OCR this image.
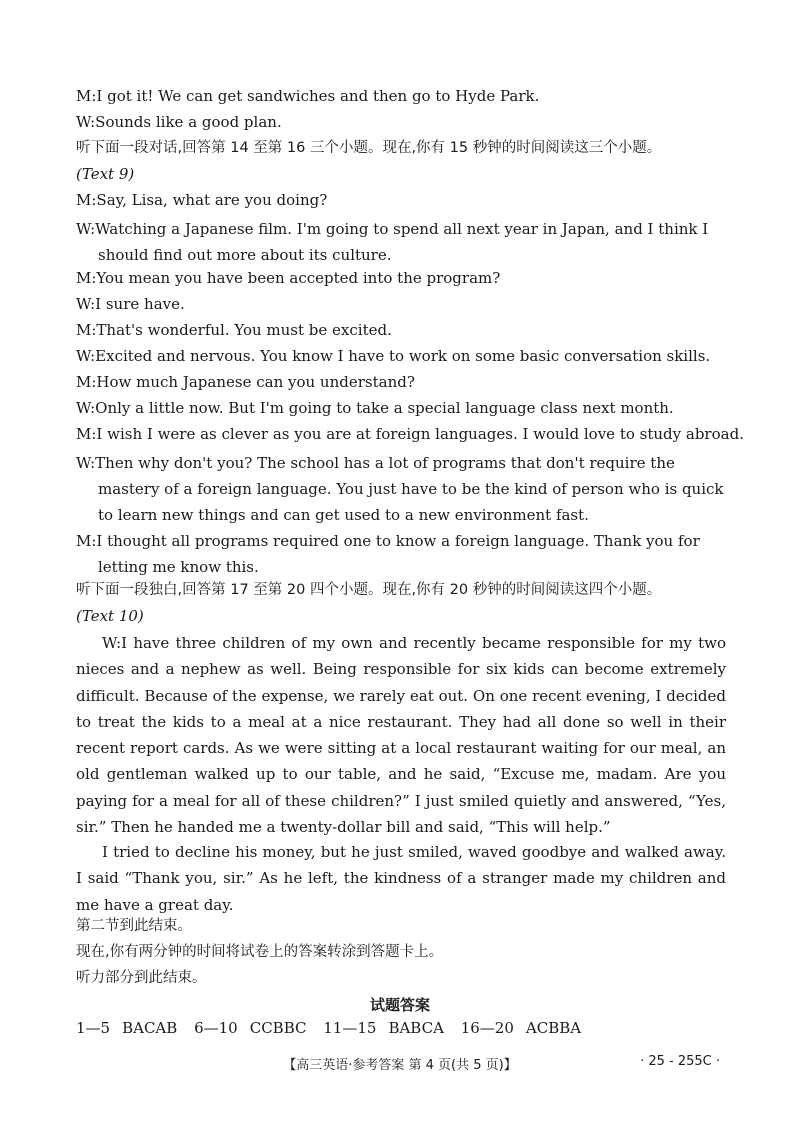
M:I got it! We can get sandwiches and then go to Hyde Park.
W:Sounds like a good plan.
听下面一段对话,回答第 14 至第 16 三个小题。现在,你有 15 秒钟的时间阅读这三个小题。
(Text 9)
M:Say, Lisa, what are you doing?
W:Watching a Japanese film. I'm going to spend all next year in Japan, and I think I should find out more about its culture.
M:You mean you have been accepted into the program?
W:I sure have.
M:That's wonderful. You must be excited.
W:Excited and nervous. You know I have to work on some basic conversation skills.
M:How much Japanese can you understand?
W:Only a little now. But I'm going to take a special language class next month.
M:I wish I were as clever as you are at foreign languages. I would love to study abroad.
W:Then why don't you? The school has a lot of programs that don't require the mastery of a foreign language. You just have to be the kind of person who is quick to learn new things and can get used to a new environment fast.
M:I thought all programs required one to know a foreign language. Thank you for letting me know this.
听下面一段独白,回答第 17 至第 20 四个小题。现在,你有 20 秒钟的时间阅读这四个小题。
(Text 10)
W:I have three children of my own and recently became responsible for my two nieces and a nephew as well. Being responsible for six kids can become extremely difficult. Because of the expense, we rarely eat out. On one recent evening, I decided to treat the kids to a meal at a nice restaurant. They had all done so well in their recent report cards. As we were sitting at a local restaurant waiting for our meal, an old gentleman walked up to our table, and he said, “Excuse me, madam. Are you paying for a meal for all of these children?” I just smiled quietly and answered, “Yes, sir.” Then he handed me a twenty-dollar bill and said, “This will help.”
I tried to decline his money, but he just smiled, waved goodbye and walked away. I said “Thank you, sir.” As he left, the kindness of a stranger made my children and me have a great day.
第二节到此结束。
现在,你有两分钟的时间将试卷上的答案转涂到答题卡上。
听力部分到此结束。
试题答案
1—5 BACAB 6—10 CCBBC 11—15 BABCA 16—20 ACBBA
【高三英语·参考答案 第 4 页(共 5 页)】	· 25 - 255C ·
